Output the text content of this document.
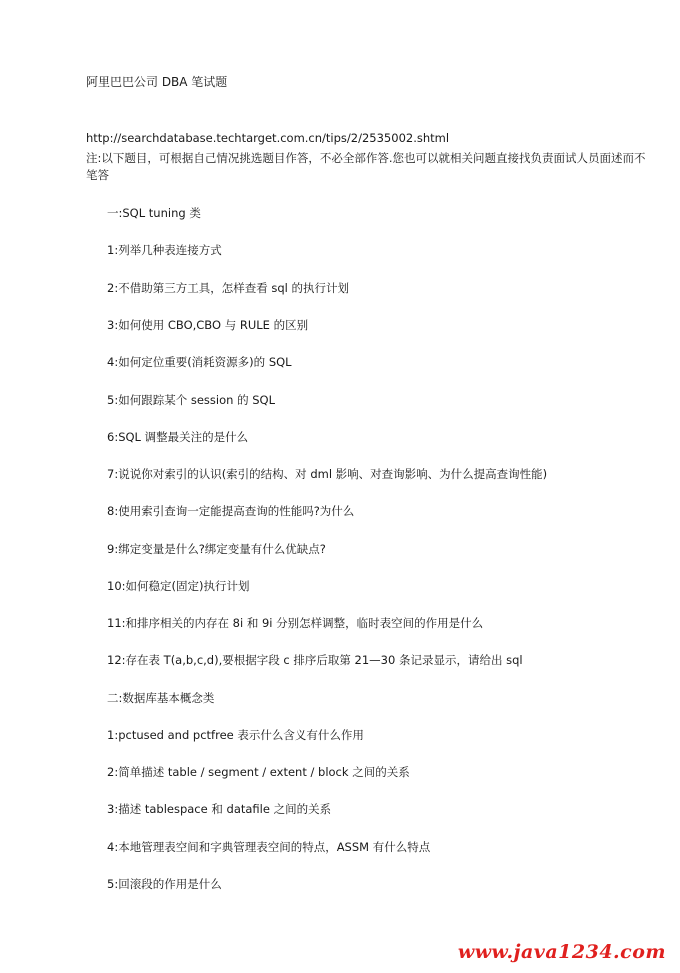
阿里巴巴公司 DBA 笔试题
http://searchdatabase.techtarget.com.cn/tips/2/2535002.shtml
注:以下题目，可根据自己情况挑选题目作答，不必全部作答.您也可以就相关问题直接找负责面试人员面述而不笔答
一:SQL tuning 类
1:列举几种表连接方式
2:不借助第三方工具，怎样查看 sql 的执行计划
3:如何使用 CBO,CBO 与 RULE 的区别
4:如何定位重要(消耗资源多)的 SQL
5:如何跟踪某个 session 的 SQL
6:SQL 调整最关注的是什么
7:说说你对索引的认识(索引的结构、对 dml 影响、对查询影响、为什么提高查询性能)
8:使用索引查询一定能提高查询的性能吗?为什么
9:绑定变量是什么?绑定变量有什么优缺点?
10:如何稳定(固定)执行计划
11:和排序相关的内存在 8i 和 9i 分别怎样调整，临时表空间的作用是什么
12:存在表 T(a,b,c,d),要根据字段 c 排序后取第 21—30 条记录显示，请给出 sql
二:数据库基本概念类
1:pctused and pctfree 表示什么含义有什么作用
2:简单描述 table / segment / extent / block 之间的关系
3:描述 tablespace 和 datafile 之间的关系
4:本地管理表空间和字典管理表空间的特点，ASSM 有什么特点
5:回滚段的作用是什么
www.java1234.com
